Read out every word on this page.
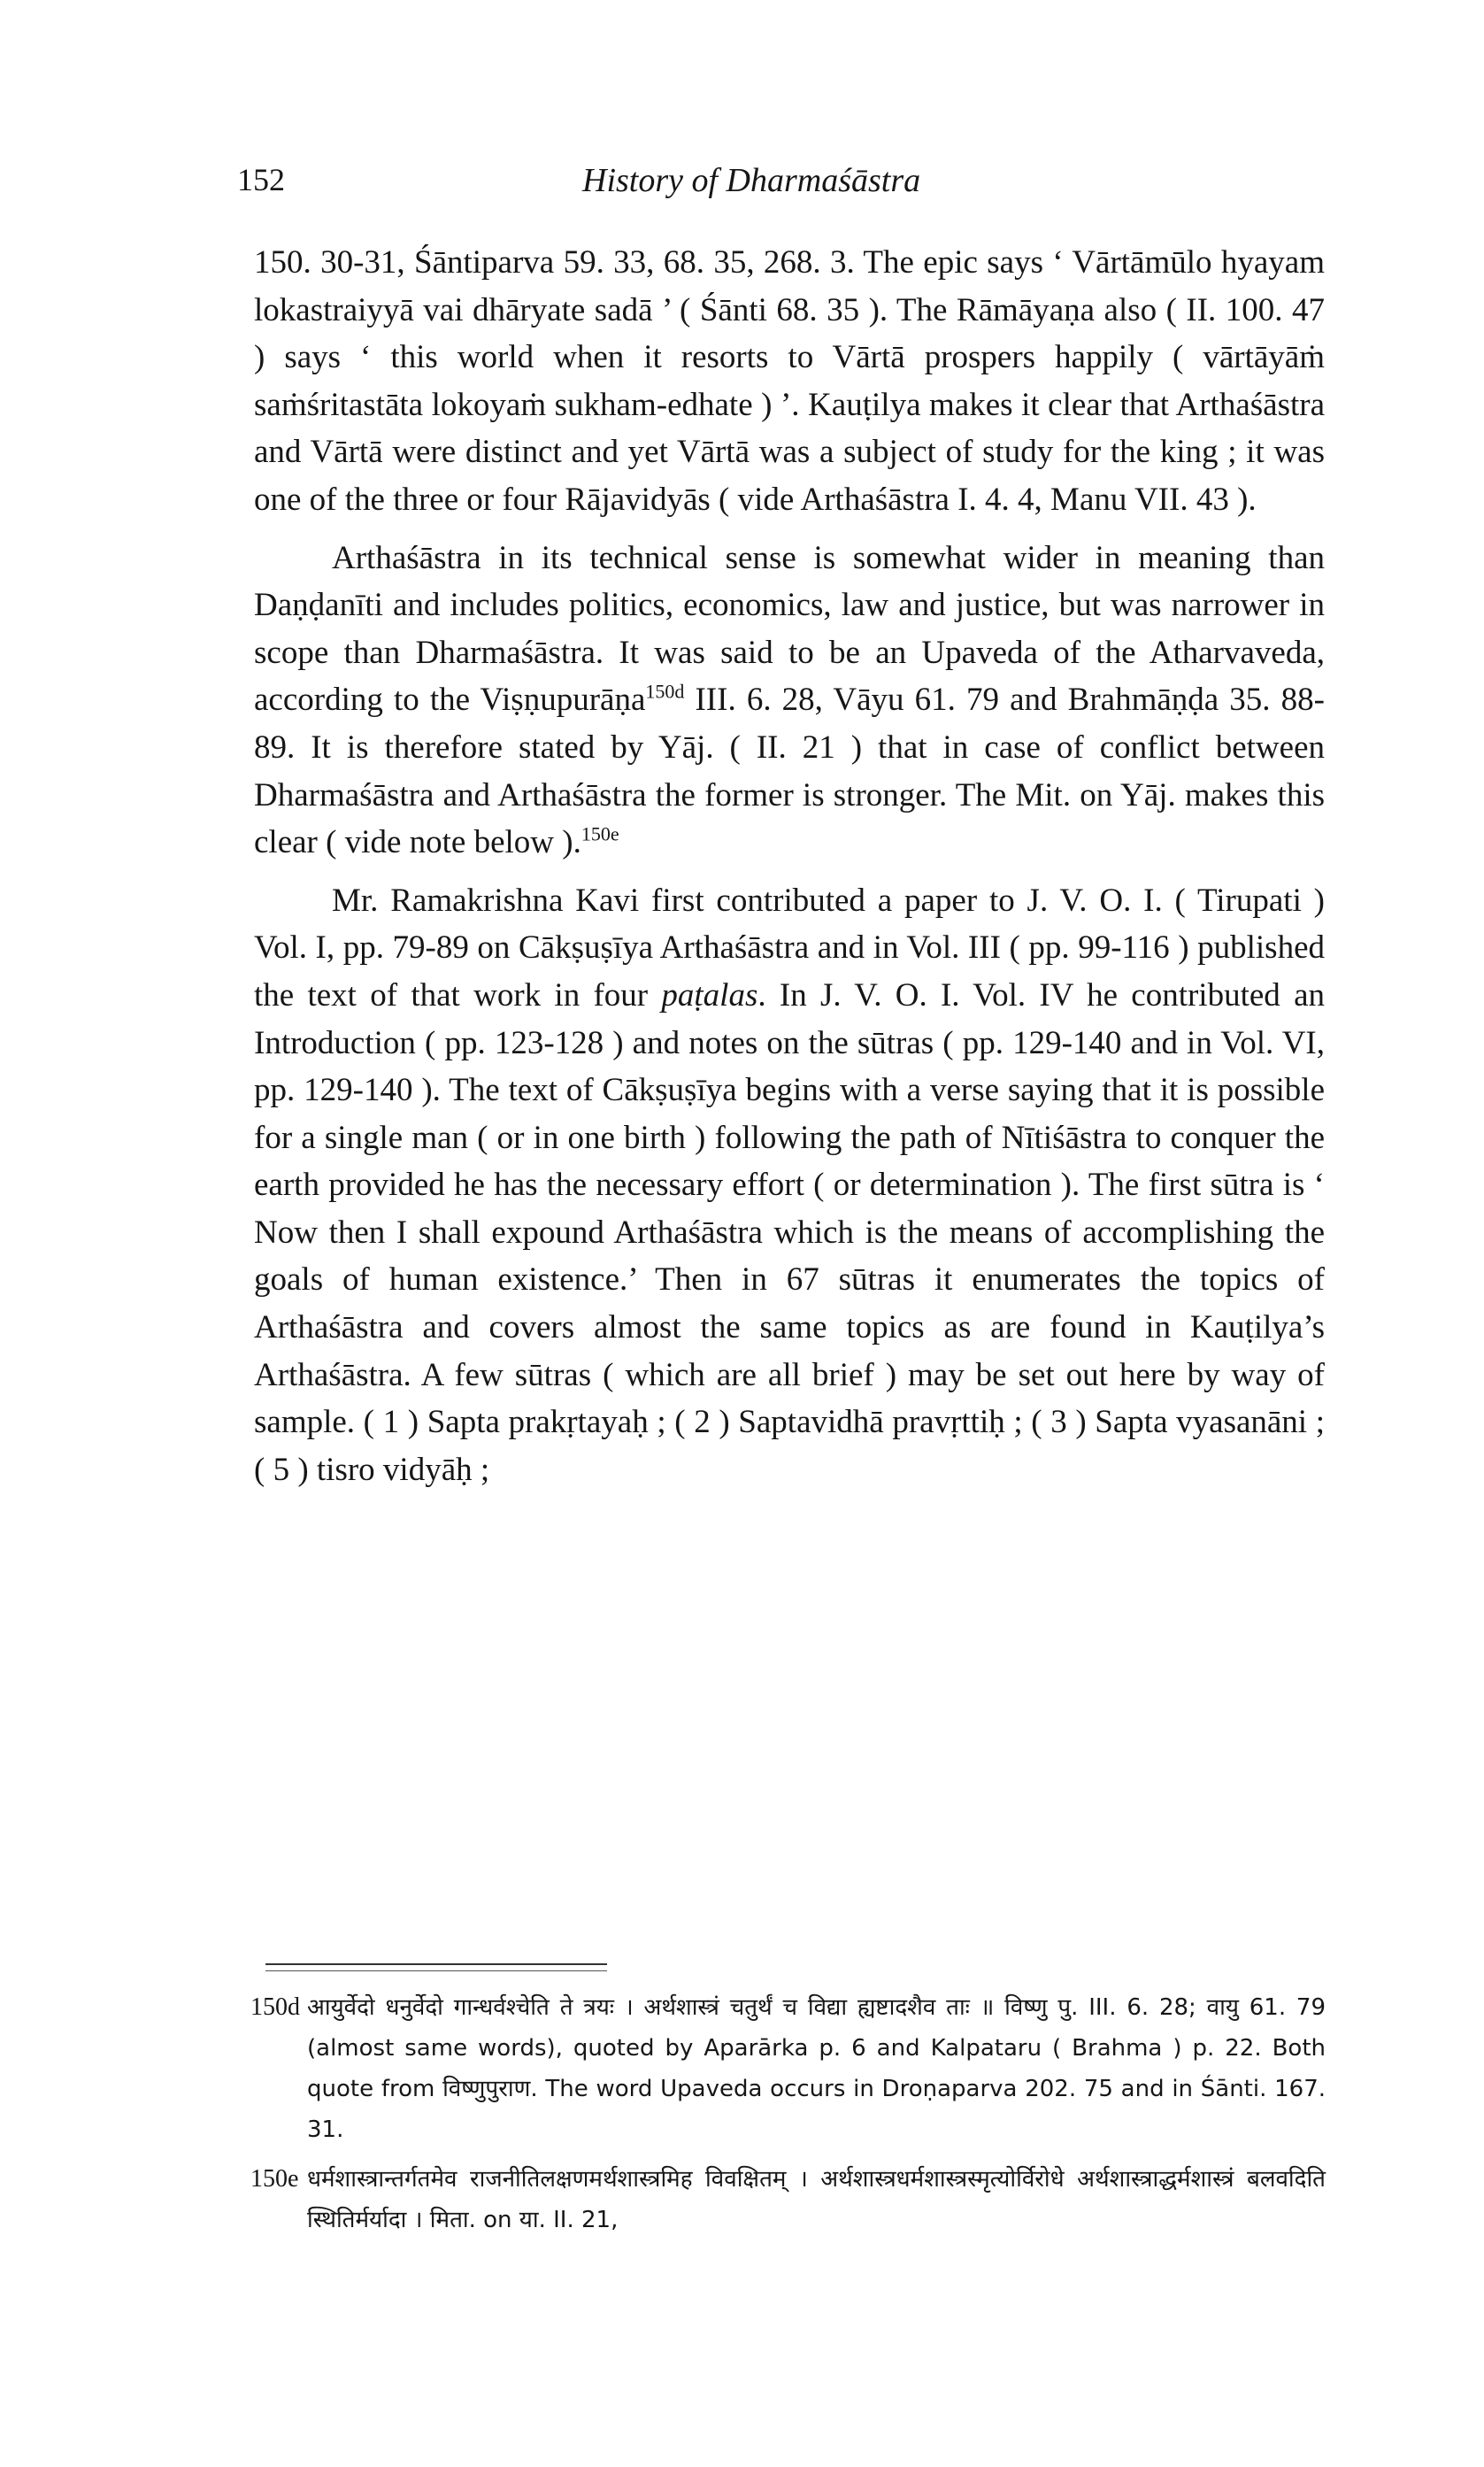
152	History of Dharmaśāstra

150. 30-31, Śāntiparva 59. 33, 68. 35, 268. 3. The epic says ‘ Vārtāmūlo hyayam lokastraiyyā vai dhāryate sadā ’ ( Śānti 68. 35 ). The Rāmāyaṇa also ( II. 100. 47 ) says ‘ this world when it resorts to Vārtā prospers happily ( vārtāyāṁ saṁśritastāta lokoyaṁ sukham-edhate ) ’. Kauṭilya makes it clear that Arthaśāstra and Vārtā were distinct and yet Vārtā was a subject of study for the king ; it was one of the three or four Rājavidyās ( vide Arthaśāstra I. 4. 4, Manu VII. 43 ).

Arthaśāstra in its technical sense is somewhat wider in meaning than Daṇḍanīti and includes politics, economics, law and justice, but was narrower in scope than Dharmaśāstra. It was said to be an Upaveda of the Atharvaveda, according to the Viṣṇupurāṇa$^{150d}$ III. 6. 28, Vāyu 61. 79 and Brahmāṇḍa 35. 88-89. It is therefore stated by Yāj. ( II. 21 ) that in case of conflict between Dharmaśāstra and Arthaśāstra the former is stronger. The Mit. on Yāj. makes this clear ( vide note below ).$^{150e}$

Mr. Ramakrishna Kavi first contributed a paper to J. V. O. I. ( Tirupati ) Vol. I, pp. 79-89 on Cākṣuṣīya Arthaśāstra and in Vol. III ( pp. 99-116 ) published the text of that work in four paṭalas. In J. V. O. I. Vol. IV he contributed an Introduction ( pp. 123-128 ) and notes on the sūtras ( pp. 129-140 and in Vol. VI, pp. 129-140 ). The text of Cākṣuṣīya begins with a verse saying that it is possible for a single man ( or in one birth ) following the path of Nītiśāstra to conquer the earth provided he has the necessary effort ( or determination ). The first sūtra is ‘ Now then I shall expound Arthaśāstra which is the means of accomplishing the goals of human existence.’ Then in 67 sūtras it enumerates the topics of Arthaśāstra and covers almost the same topics as are found in Kauṭilya’s Arthaśāstra. A few sūtras ( which are all brief ) may be set out here by way of sample. ( 1 ) Sapta prakṛtayaḥ ; ( 2 ) Saptavidhā pravṛttiḥ ; ( 3 ) Sapta vyasanāni ; ( 5 ) tisro vidyāḥ ;

150d आयुर्वेदो धनुर्वेदो गान्धर्वश्चेति ते त्रयः । अर्थशास्त्रं चतुर्थं च विद्या ह्यष्टादशैव ताः ॥ विष्णु पु. III. 6. 28; वायु 61. 79 (almost same words), quoted by Aparārka p. 6 and Kalpataru ( Brahma ) p. 22. Both quote from विष्णुपुराण. The word Upaveda occurs in Droṇaparva 202. 75 and in Śānti. 167. 31.

150e धर्मशास्त्रान्तर्गतमेव राजनीतिलक्षणमर्थशास्त्रमिह विवक्षितम् । अर्थशास्त्रधर्मशास्त्रस्मृत्योर्विरोधे अर्थशास्त्राद्धर्मशास्त्रं बलवदिति स्थितिर्मर्यादा । मिता. on या. II. 21,
